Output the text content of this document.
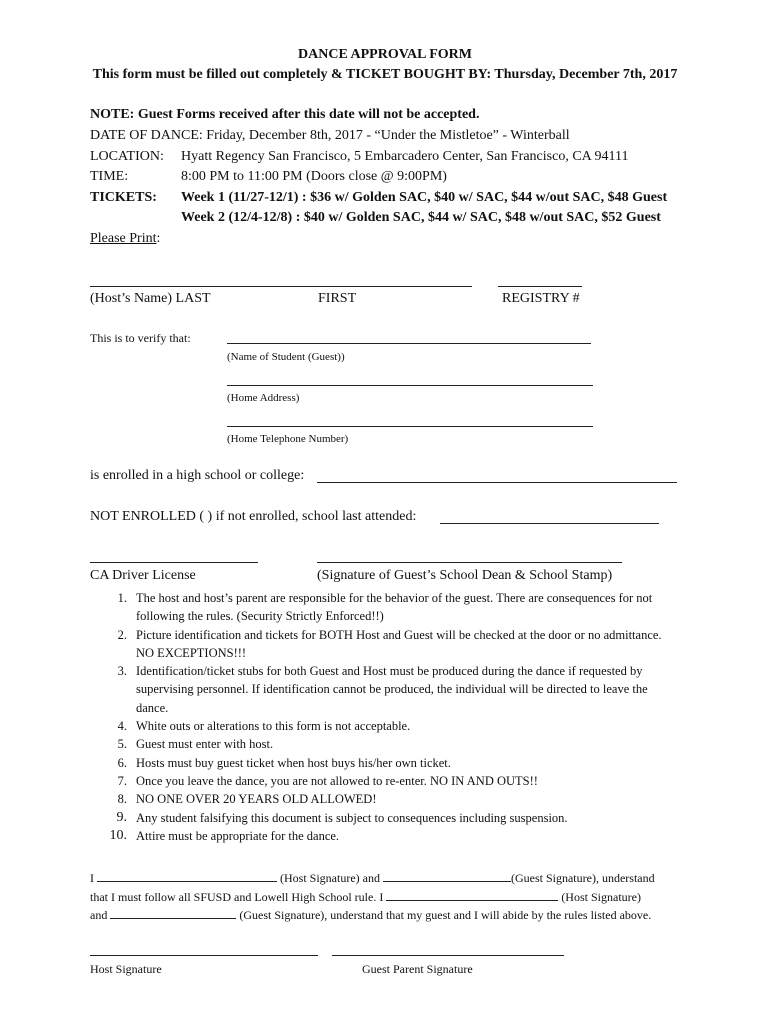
DANCE APPROVAL FORM
This form must be filled out completely & TICKET BOUGHT BY: Thursday, December 7th, 2017
NOTE: Guest Forms received after this date will not be accepted.
DATE OF DANCE: Friday, December 8th, 2017 - “Under the Mistletoe” - Winterball
LOCATION: Hyatt Regency San Francisco, 5 Embarcadero Center, San Francisco, CA 94111
TIME:	8:00 PM to 11:00 PM (Doors close @ 9:00PM)
TICKETS: Week 1 (11/27-12/1) : $36 w/ Golden SAC, $40 w/ SAC, $44 w/out SAC, $48 Guest
Week 2 (12/4-12/8) : $40 w/ Golden SAC, $44 w/ SAC, $48 w/out SAC, $52 Guest
Please Print:
(Host’s Name) LAST	FIRST	REGISTRY #
This is to verify that:
(Name of Student (Guest))
(Home Address)
(Home Telephone Number)
is enrolled in a high school or college:
NOT ENROLLED ( ) if not enrolled, school last attended:
CA Driver License	(Signature of Guest’s School Dean & School Stamp)
1. The host and host’s parent are responsible for the behavior of the guest. There are consequences for not
following the rules. (Security Strictly Enforced!!)
2. Picture identification and tickets for BOTH Host and Guest will be checked at the door or no admittance.
NO EXCEPTIONS!!!
3. Identification/ticket stubs for both Guest and Host must be produced during the dance if requested by
supervising personnel. If identification cannot be produced, the individual will be directed to leave the
dance.
4. White outs or alterations to this form is not acceptable.
5. Guest must enter with host.
6. Hosts must buy guest ticket when host buys his/her own ticket.
7. Once you leave the dance, you are not allowed to re-enter. NO IN AND OUTS!!
8. NO ONE OVER 20 YEARS OLD ALLOWED!
9. Any student falsifying this document is subject to consequences including suspension.
10. Attire must be appropriate for the dance.
I	(Host Signature) and	(Guest Signature), understand
that I must follow all SFUSD and Lowell High School rule. I	(Host Signature)
and	(Guest Signature), understand that my guest and I will abide by the rules listed above.
Host Signature	Guest Parent Signature
